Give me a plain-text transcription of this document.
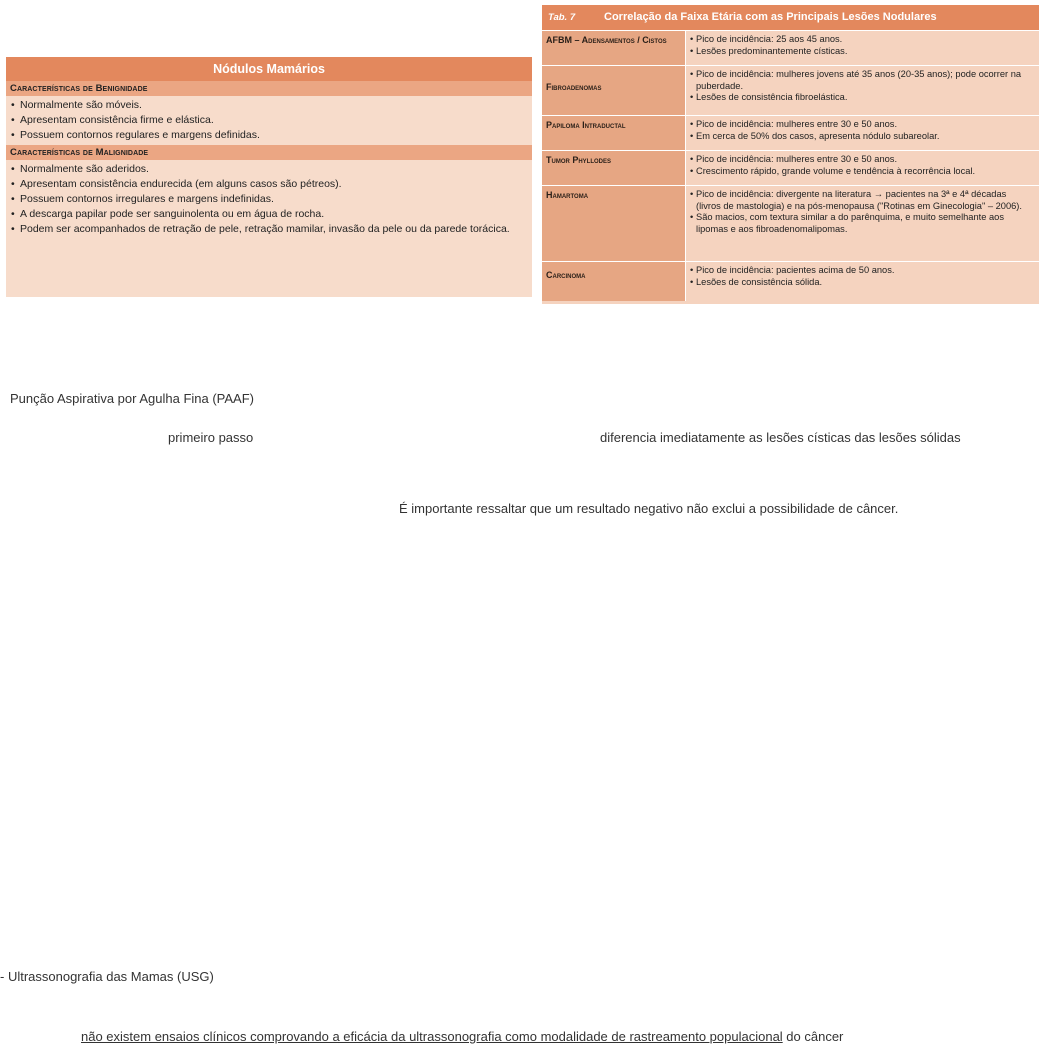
Nódulos Mamários
Características de Benignidade
• Normalmente são móveis.
• Apresentam consistência firme e elástica.
• Possuem contornos regulares e margens definidas.
Características de Malignidade
• Normalmente são aderidos.
• Apresentam consistência endurecida (em alguns casos são pétreos).
• Possuem contornos irregulares e margens indefinidas.
• A descarga papilar pode ser sanguinolenta ou em água de rocha.
• Podem ser acompanhados de retração de pele, retração mamilar, invasão da pele ou da parede torácica.
Tab. 7	Correlação da Faixa Etária com as Principais Lesões Nodulares
AFBM – Adensamentos / Cistos	• Pico de incidência: 25 aos 45 anos.
• Lesões predominantemente císticas.
Fibroadenomas
• Pico de incidência: mulheres jovens até 35 anos (20-35 anos); pode ocorrer na puberdade.
• Lesões de consistência fibroelástica.
Papiloma Intraductal	• Pico de incidência: mulheres entre 30 e 50 anos.
• Em cerca de 50% dos casos, apresenta nódulo subareolar.
Tumor Phyllodes	• Pico de incidência: mulheres entre 30 e 50 anos.
• Crescimento rápido, grande volume e tendência à recorrência local.
Hamartoma	• Pico de incidência: divergente na literatura → pacientes na 3ª e 4ª décadas (livros de mastologia) e na pós-menopausa ("Rotinas em Ginecologia" – 2006).
• São macios, com textura similar a do parênquima, e muito semelhante aos lipomas e aos fibroadenomalipomas.
Carcinoma	• Pico de incidência: pacientes acima de 50 anos.
• Lesões de consistência sólida.
Punção Aspirativa por Agulha Fina (PAAF)
primeiro passo	diferencia imediatamente as lesões císticas das lesões sólidas
É importante ressaltar que um resultado negativo não exclui a possibilidade de câncer.
- Ultrassonografia das Mamas (USG)
não existem ensaios clínicos comprovando a eficácia da ultrassonografia como modalidade de rastreamento populacional do câncer
